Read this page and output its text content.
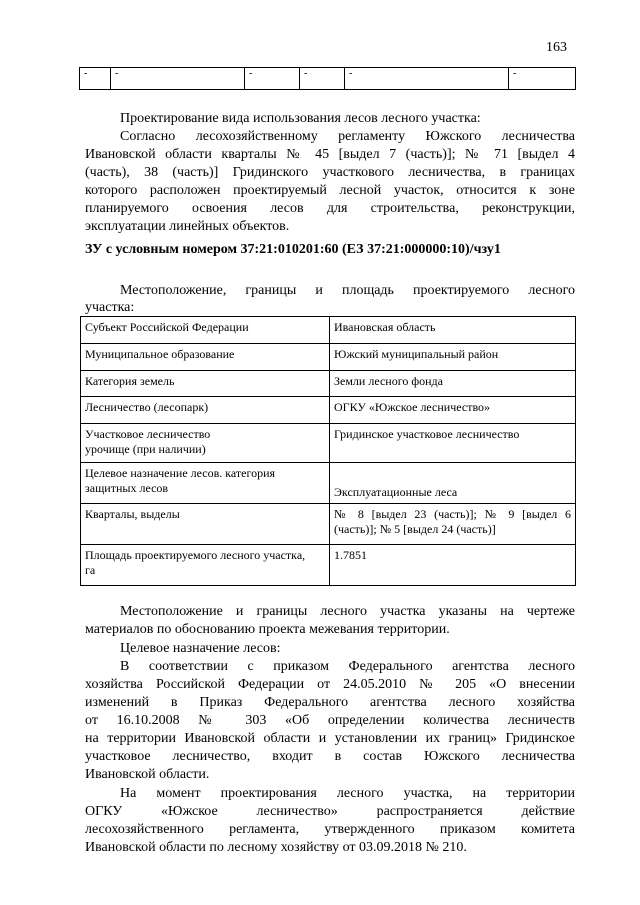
163
-	-	-	-	-	-
Проектирование вида использования лесов лесного участка:
Согласно лесохозяйственному регламенту Южского лесничества
Ивановской области кварталы № 45 [выдел 7 (часть)]; № 71 [выдел 4
(часть), 38 (часть)] Гридинского участкового лесничества, в границах
которого расположен проектируемый лесной участок, относится к зоне
планируемого освоения лесов для строительства, реконструкции,
эксплуатации линейных объектов.
ЗУ с условным номером 37:21:010201:60 (ЕЗ 37:21:000000:10)/чзу1
Местоположение, границы и площадь проектируемого лесного
участка:
Субъект Российской Федерации	Ивановская область
Муниципальное образование	Южский муниципальный район
Категория земель	Земли лесного фонда
Лесничество (лесопарк)	ОГКУ «Южское лесничество»

Участковое лесничество
урочище (при наличии)	Гридинское участковое лесничество

Целевое назначение лесов. категория
защитных лесов	Эксплуатационные леса
Кварталы, выделы	№ 8 [выдел 23 (часть)]; № 9 [выдел 6
(часть)]; № 5 [выдел 24 (часть)]

Площадь проектируемого лесного участка,
га	1.7851
Местоположение и границы лесного участка указаны на чертеже
материалов по обоснованию проекта межевания территории.
Целевое назначение лесов:
В соответствии с приказом Федерального агентства лесного
хозяйства Российской Федерации от 24.05.2010 № 205 «О внесении
изменений в Приказ Федерального агентства лесного хозяйства
от 16.10.2008 № 303 «Об определении количества лесничеств
на территории Ивановской области и установлении их границ» Гридинское
участковое лесничество, входит в состав Южского лесничества
Ивановской области.
На момент проектирования лесного участка, на территории
ОГКУ «Южское лесничество» распространяется действие
лесохозяйственного регламента, утвержденного приказом комитета
Ивановской области по лесному хозяйству от 03.09.2018 № 210.
